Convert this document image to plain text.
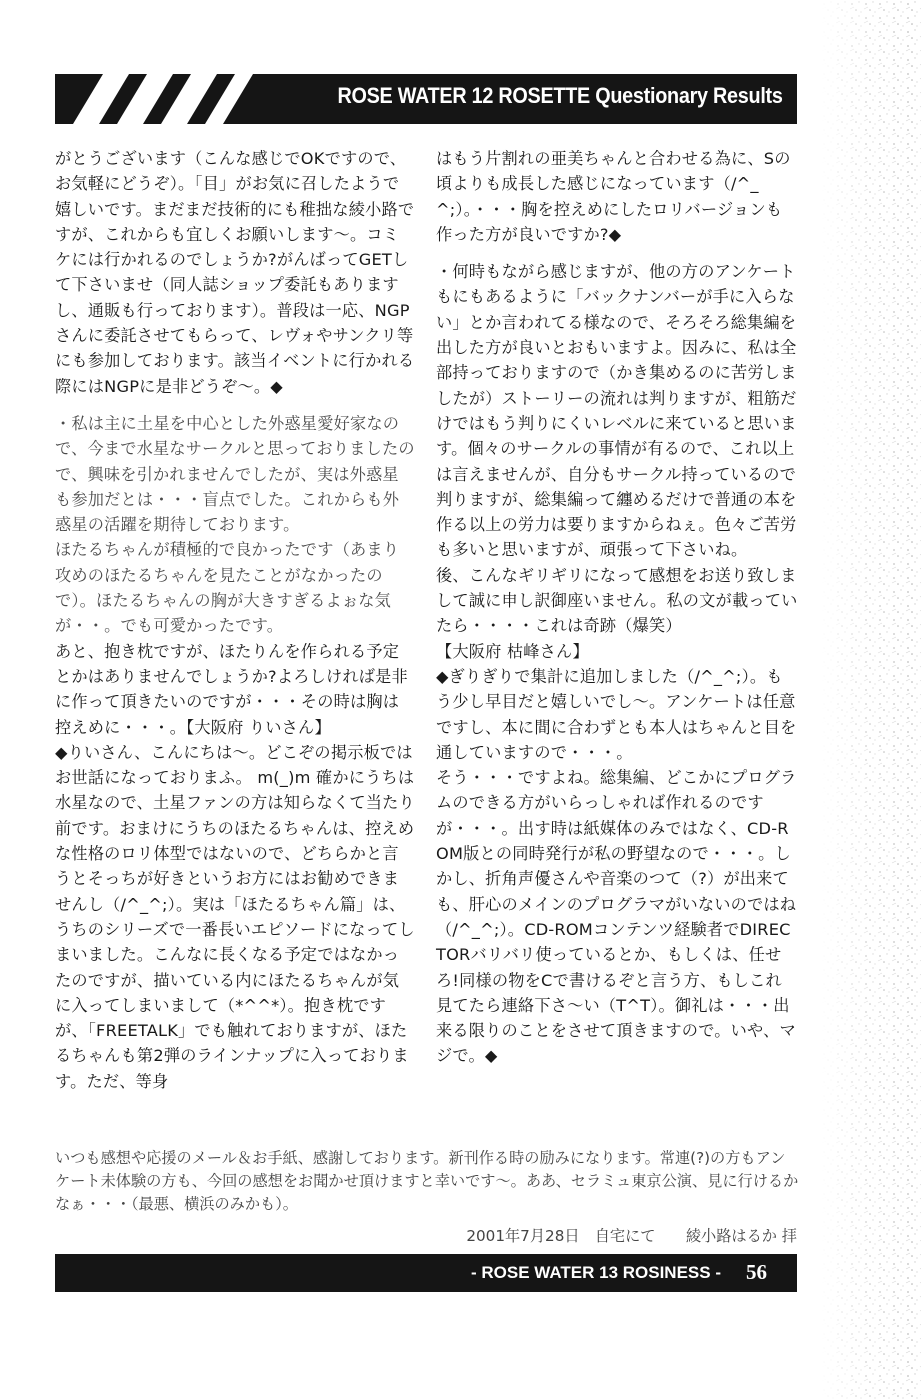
ROSE WATER 12 ROSETTE Questionary Results

がとうございます（こんな感じでOKですので、お気軽にどうぞ）。「目」がお気に召したようで嬉しいです。まだまだ技術的にも稚拙な綾小路ですが、これからも宜しくお願いします〜。コミケには行かれるのでしょうか?がんばってGETして下さいませ（同人誌ショップ委託もありますし、通販も行っております）。普段は一応、NGPさんに委託させてもらって、レヴォやサンクリ等にも参加しております。該当イベントに行かれる際にはNGPに是非どうぞ〜。◆

・私は主に土星を中心とした外惑星愛好家なので、今まで水星なサークルと思っておりましたので、興味を引かれませんでしたが、実は外惑星も参加だとは・・・盲点でした。これからも外惑星の活躍を期待しております。

ほたるちゃんが積極的で良かったです（あまり攻めのほたるちゃんを見たことがなかったので）。ほたるちゃんの胸が大きすぎるよぉな気が・・。でも可愛かったです。

あと、抱き枕ですが、ほたりんを作られる予定とかはありませんでしょうか?よろしければ是非に作って頂きたいのですが・・・その時は胸は控えめに・・・。【大阪府 りいさん】

◆りいさん、こんにちは〜。どこぞの掲示板ではお世話になっておりまふ。 m(_)m 確かにうちは水星なので、土星ファンの方は知らなくて当たり前です。おまけにうちのほたるちゃんは、控えめな性格のロリ体型ではないので、どちらかと言うとそっちが好きというお方にはお勧めできませんし（/^_^;）。実は「ほたるちゃん篇」は、うちのシリーズで一番長いエピソードになってしまいました。こんなに長くなる予定ではなかったのですが、描いている内にほたるちゃんが気に入ってしまいまして（*^^*）。抱き枕ですが、「FREETALK」でも触れておりますが、ほたるちゃんも第2弾のラインナップに入っております。ただ、等身

はもう片割れの亜美ちゃんと合わせる為に、Sの頃よりも成長した感じになっています（/^_^;）。・・・胸を控えめにしたロリバージョンも作った方が良いですか?◆

・何時もながら感じますが、他の方のアンケートもにもあるように「バックナンバーが手に入らない」とか言われてる様なので、そろそろ総集編を出した方が良いとおもいますよ。因みに、私は全部持っておりますので（かき集めるのに苦労しましたが）ストーリーの流れは判りますが、粗筋だけではもう判りにくいレベルに来ていると思います。個々のサークルの事情が有るので、これ以上は言えませんが、自分もサークル持っているので判りますが、総集編って纏めるだけで普通の本を作る以上の労力は要りますからねぇ。色々ご苦労も多いと思いますが、頑張って下さいね。

後、こんなギリギリになって感想をお送り致しまして誠に申し訳御座いません。私の文が載っていたら・・・・これは奇跡（爆笑）

【大阪府 枯峰さん】

◆ぎりぎりで集計に追加しました（/^_^;）。もう少し早目だと嬉しいでし〜。アンケートは任意ですし、本に間に合わずとも本人はちゃんと目を通していますので・・・。

そう・・・ですよね。総集編、どこかにプログラムのできる方がいらっしゃれば作れるのですが・・・。出す時は紙媒体のみではなく、CD-ROM版との同時発行が私の野望なので・・・。しかし、折角声優さんや音楽のつて（?）が出来ても、肝心のメインのプログラマがいないのではね（/^_^;）。CD-ROMコンテンツ経験者でDIRECTORバリバリ使っているとか、もしくは、任せろ!同様の物をCで書けるぞと言う方、もしこれ見てたら連絡下さ〜い（T^T）。御礼は・・・出来る限りのことをさせて頂きますので。いや、マジで。◆

いつも感想や応援のメール＆お手紙、感謝しております。新刊作る時の励みになります。常連(?)の方もアンケート未体験の方も、今回の感想をお聞かせ頂けますと幸いです〜。ああ、セラミュ東京公演、見に行けるかなぁ・・・（最悪、横浜のみかも）。
2001年7月28日　自宅にて　　綾小路はるか 拝
- ROSE WATER 13 ROSINESS - 56
